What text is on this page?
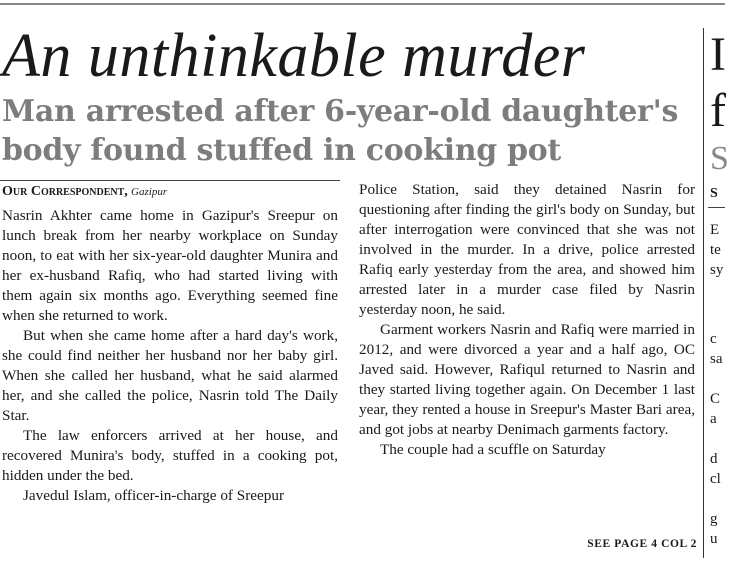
An unthinkable murder
Man arrested after 6-year-old daughter's body found stuffed in cooking pot
Our Correspondent, Gazipur

Nasrin Akhter came home in Gazipur's Sreepur on lunch break from her nearby workplace on Sunday noon, to eat with her six-year-old daughter Munira and her ex-husband Rafiq, who had started living with them again six months ago. Everything seemed fine when she returned to work.

But when she came home after a hard day's work, she could find neither her husband nor her baby girl. When she called her husband, what he said alarmed her, and she called the police, Nasrin told The Daily Star.

The law enforcers arrived at her house, and recovered Munira's body, stuffed in a cooking pot, hidden under the bed.

Javedul Islam, officer-in-charge of Sreepur

Police Station, said they detained Nasrin for questioning after finding the girl's body on Sunday, but after interrogation were convinced that she was not involved in the murder. In a drive, police arrested Rafiq early yesterday from the area, and showed him arrested later in a murder case filed by Nasrin yesterday noon, he said.

Garment workers Nasrin and Rafiq were married in 2012, and were divorced a year and a half ago, OC Javed said. However, Rafiqul returned to Nasrin and they started living together again. On December 1 last year, they rented a house in Sreepur's Master Bari area, and got jobs at nearby Denimach garments factory.

The couple had a scuffle on Saturday

SEE PAGE 4 COL 2
I
f
S
S
E
te
sy
c
sa
C
a
d
cl
g
u
